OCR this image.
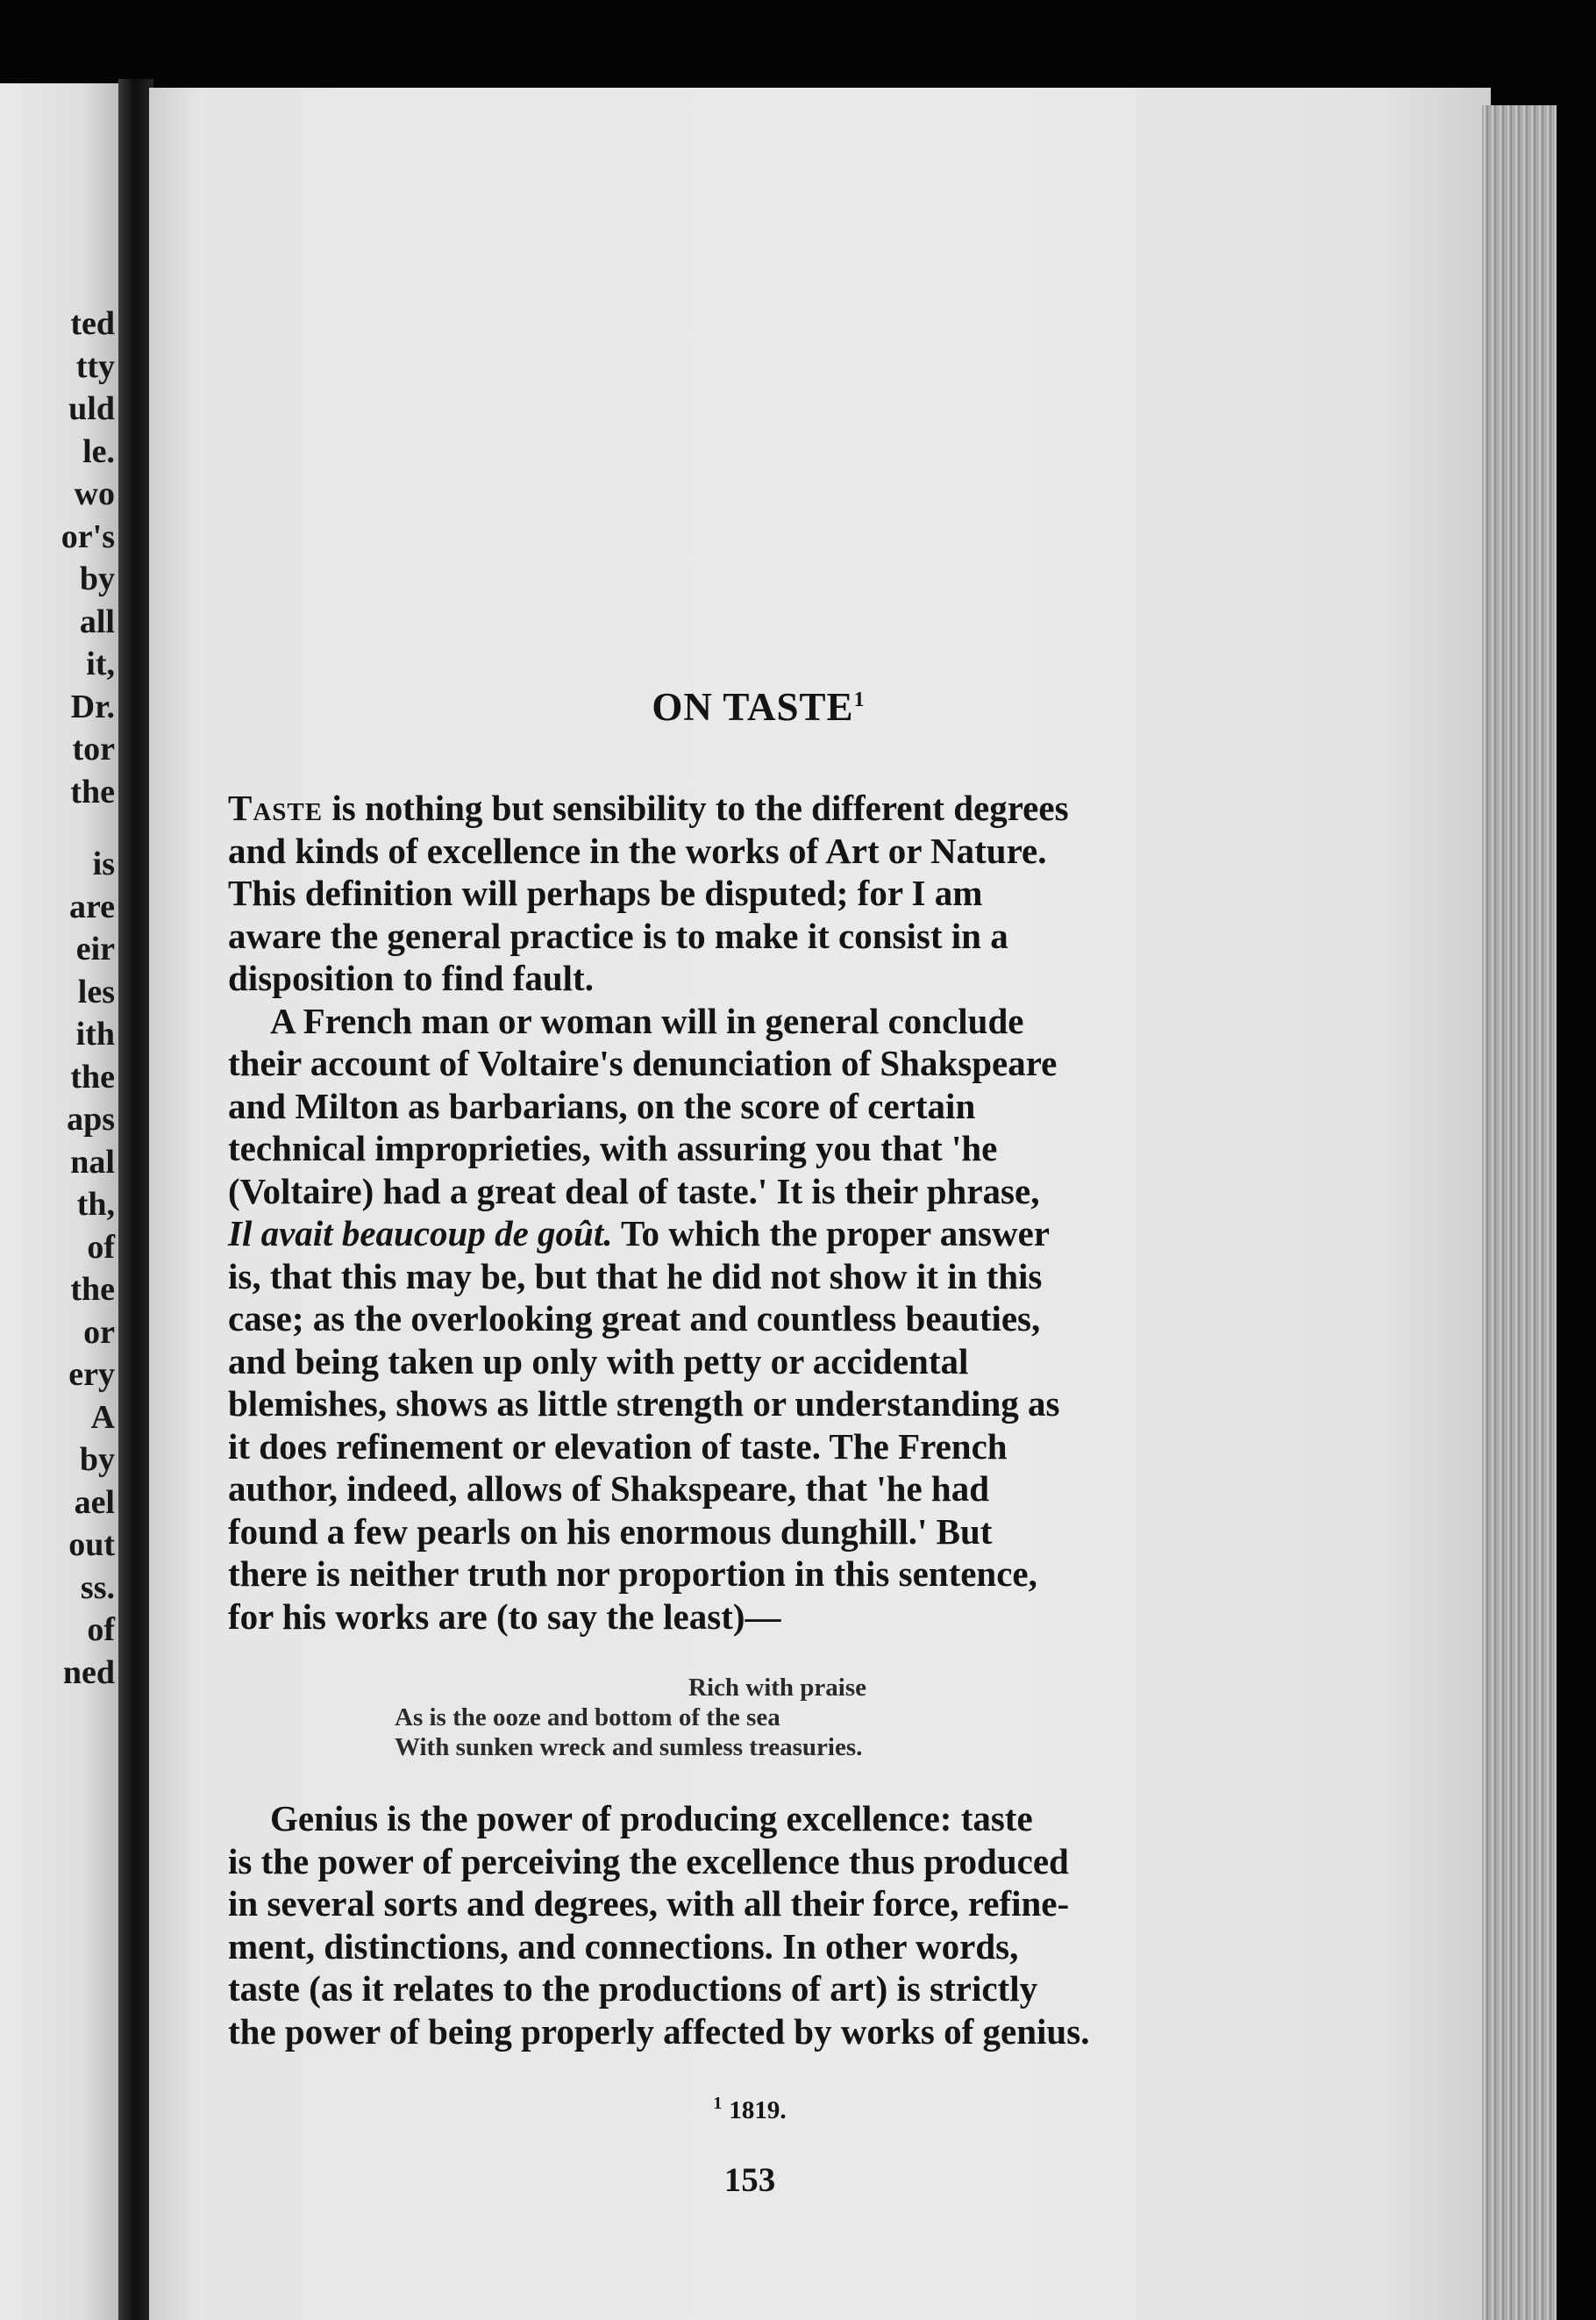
ted
tty
uld
le.
wo
or's
by
all
it,
Dr.
tor
the
is
are
eir
les
ith
the
aps
nal
th,
of
the
or
ery
A
by
ael
out
ss.
of
ned
ON TASTE$^1$

Taste is nothing but sensibility to the different degrees
and kinds of excellence in the works of Art or Nature.
This definition will perhaps be disputed; for I am
aware the general practice is to make it consist in a
disposition to find fault.

A French man or woman will in general conclude
their account of Voltaire's denunciation of Shakspeare
and Milton as barbarians, on the score of certain
technical improprieties, with assuring you that 'he
(Voltaire) had a great deal of taste.' It is their phrase,
Il avait beaucoup de goût. To which the proper answer
is, that this may be, but that he did not show it in this
case; as the overlooking great and countless beauties,
and being taken up only with petty or accidental
blemishes, shows as little strength or understanding as
it does refinement or elevation of taste. The French
author, indeed, allows of Shakspeare, that 'he had
found a few pearls on his enormous dunghill.' But
there is neither truth nor proportion in this sentence,
for his works are (to say the least)—

Rich with praise
As is the ooze and bottom of the sea
With sunken wreck and sumless treasuries.

Genius is the power of producing excellence: taste
is the power of perceiving the excellence thus produced
in several sorts and degrees, with all their force, refine-
ment, distinctions, and connections. In other words,
taste (as it relates to the productions of art) is strictly
the power of being properly affected by works of genius.

$^1$ 1819.
153
